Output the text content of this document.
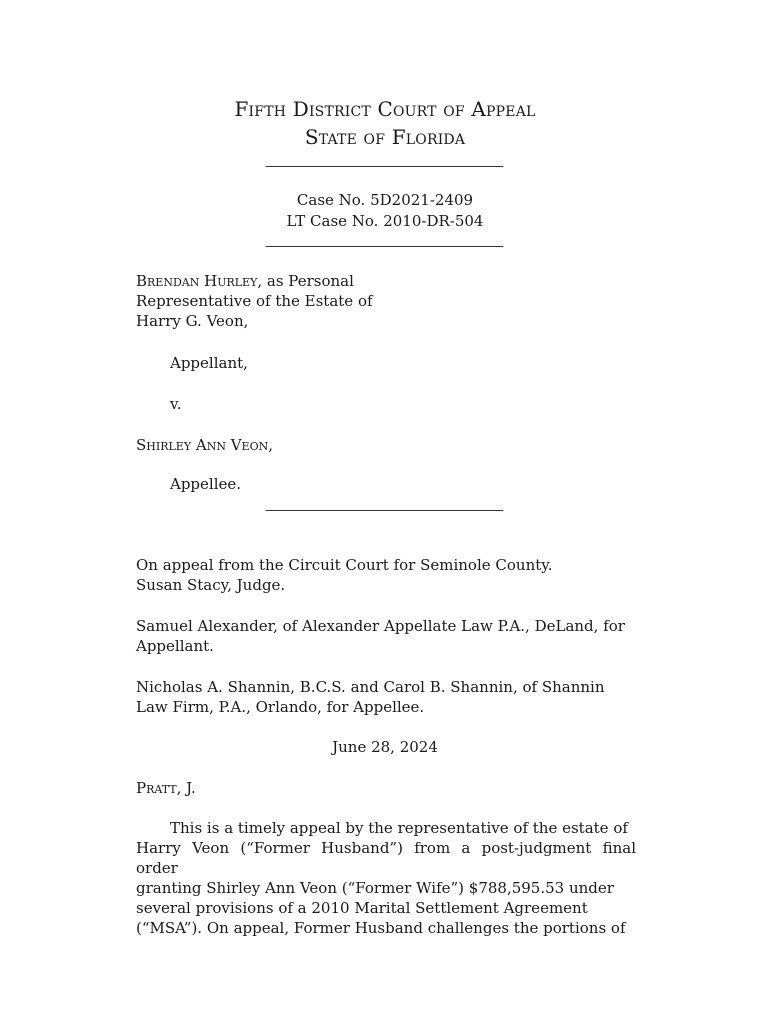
Fifth District Court of Appeal
State of Florida
Case No. 5D2021-2409
LT Case No. 2010-DR-504
Brendan Hurley, as Personal
Representative of the Estate of
Harry G. Veon,
Appellant,
v.
Shirley Ann Veon,
Appellee.
On appeal from the Circuit Court for Seminole County.
Susan Stacy, Judge.
Samuel Alexander, of Alexander Appellate Law P.A., DeLand, for
Appellant.
Nicholas A. Shannin, B.C.S. and Carol B. Shannin, of Shannin
Law Firm, P.A., Orlando, for Appellee.
June 28, 2024
Pratt, J.
This is a timely appeal by the representative of the estate of
Harry Veon (“Former Husband”) from a post-judgment final order
granting Shirley Ann Veon (“Former Wife”) $788,595.53 under
several provisions of a 2010 Marital Settlement Agreement
(“MSA”). On appeal, Former Husband challenges the portions of
